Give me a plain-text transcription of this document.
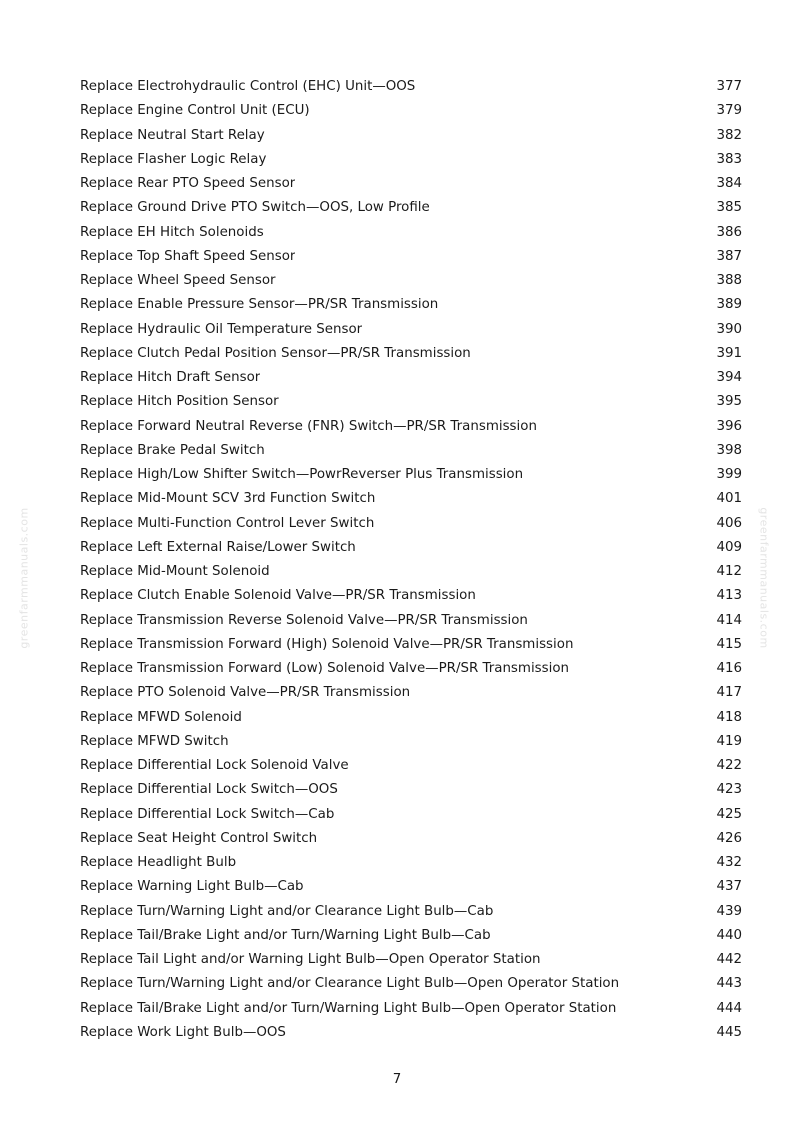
greenfarmmanuals.com	greenfarmmanuals.com
Replace Electrohydraulic Control (EHC) Unit—OOS	377
Replace Engine Control Unit (ECU)	379
Replace Neutral Start Relay	382
Replace Flasher Logic Relay	383
Replace Rear PTO Speed Sensor	384
Replace Ground Drive PTO Switch—OOS, Low Profile	385
Replace EH Hitch Solenoids	386
Replace Top Shaft Speed Sensor	387
Replace Wheel Speed Sensor	388
Replace Enable Pressure Sensor—PR/SR Transmission	389
Replace Hydraulic Oil Temperature Sensor	390
Replace Clutch Pedal Position Sensor—PR/SR Transmission	391
Replace Hitch Draft Sensor	394
Replace Hitch Position Sensor	395
Replace Forward Neutral Reverse (FNR) Switch—PR/SR Transmission	396
Replace Brake Pedal Switch	398
Replace High/Low Shifter Switch—PowrReverser Plus Transmission	399
Replace Mid-Mount SCV 3rd Function Switch	401
Replace Multi-Function Control Lever Switch	406
Replace Left External Raise/Lower Switch	409
Replace Mid-Mount Solenoid	412
Replace Clutch Enable Solenoid Valve—PR/SR Transmission	413
Replace Transmission Reverse Solenoid Valve—PR/SR Transmission	414
Replace Transmission Forward (High) Solenoid Valve—PR/SR Transmission	415
Replace Transmission Forward (Low) Solenoid Valve—PR/SR Transmission	416
Replace PTO Solenoid Valve—PR/SR Transmission	417
Replace MFWD Solenoid	418
Replace MFWD Switch	419
Replace Differential Lock Solenoid Valve	422
Replace Differential Lock Switch—OOS	423
Replace Differential Lock Switch—Cab	425
Replace Seat Height Control Switch	426
Replace Headlight Bulb	432
Replace Warning Light Bulb—Cab	437
Replace Turn/Warning Light and/or Clearance Light Bulb—Cab	439
Replace Tail/Brake Light and/or Turn/Warning Light Bulb—Cab	440
Replace Tail Light and/or Warning Light Bulb—Open Operator Station	442
Replace Turn/Warning Light and/or Clearance Light Bulb—Open Operator Station	443
Replace Tail/Brake Light and/or Turn/Warning Light Bulb—Open Operator Station	444
Replace Work Light Bulb—OOS	445
7
